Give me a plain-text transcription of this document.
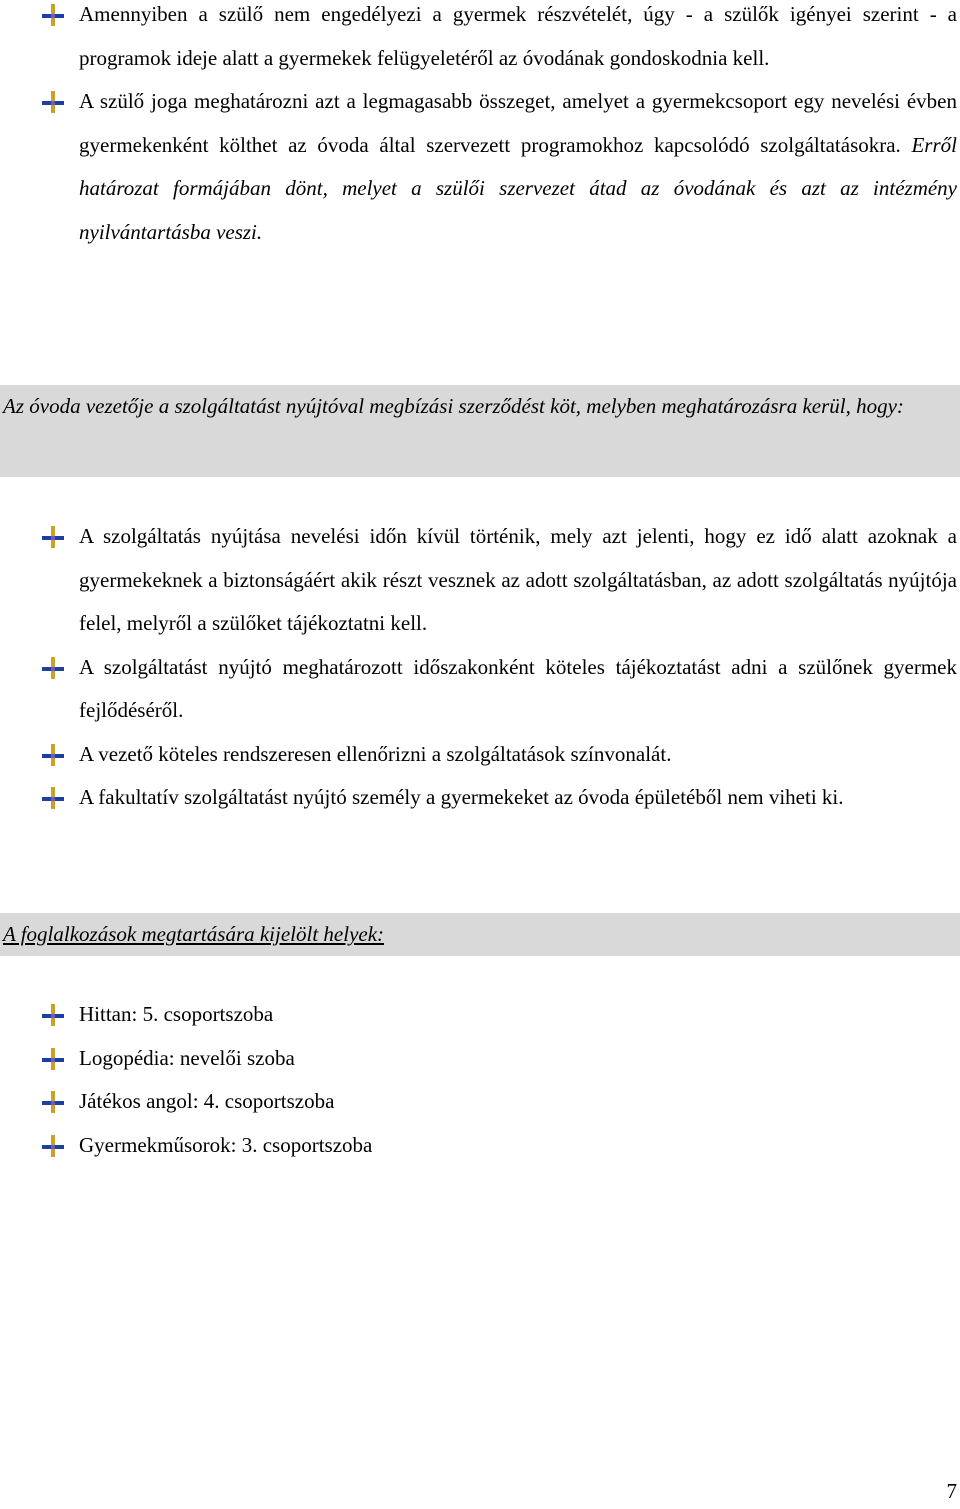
Amennyiben a szülő nem engedélyezi a gyermek részvételét, úgy - a szülők igényei szerint - a programok ideje alatt a gyermekek felügyeletéről az óvodának gondoskodnia kell.
A szülő joga meghatározni azt a legmagasabb összeget, amelyet a gyermekcsoport egy nevelési évben gyermekenként költhet az óvoda által szervezett programokhoz kapcsolódó szolgáltatásokra. Erről határozat formájában dönt, melyet a szülői szervezet átad az óvodának és azt az intézmény nyilvántartásba veszi.

Az óvoda vezetője a szolgáltatást nyújtóval megbízási szerződést köt, melyben meghatározásra kerül, hogy:

A szolgáltatás nyújtása nevelési időn kívül történik, mely azt jelenti, hogy ez idő alatt azoknak a gyermekeknek a biztonságáért akik részt vesznek az adott szolgáltatásban, az adott szolgáltatás nyújtója felel, melyről a szülőket tájékoztatni kell.
A szolgáltatást nyújtó meghatározott időszakonként köteles tájékoztatást adni a szülőnek gyermek fejlődéséről.
A vezető köteles rendszeresen ellenőrizni a szolgáltatások színvonalát.
A fakultatív szolgáltatást nyújtó személy a gyermekeket az óvoda épületéből nem viheti ki.

A foglalkozások megtartására kijelölt helyek:

Hittan: 5. csoportszoba
Logopédia: nevelői szoba
Játékos angol: 4. csoportszoba
Gyermekműsorok: 3. csoportszoba
7
